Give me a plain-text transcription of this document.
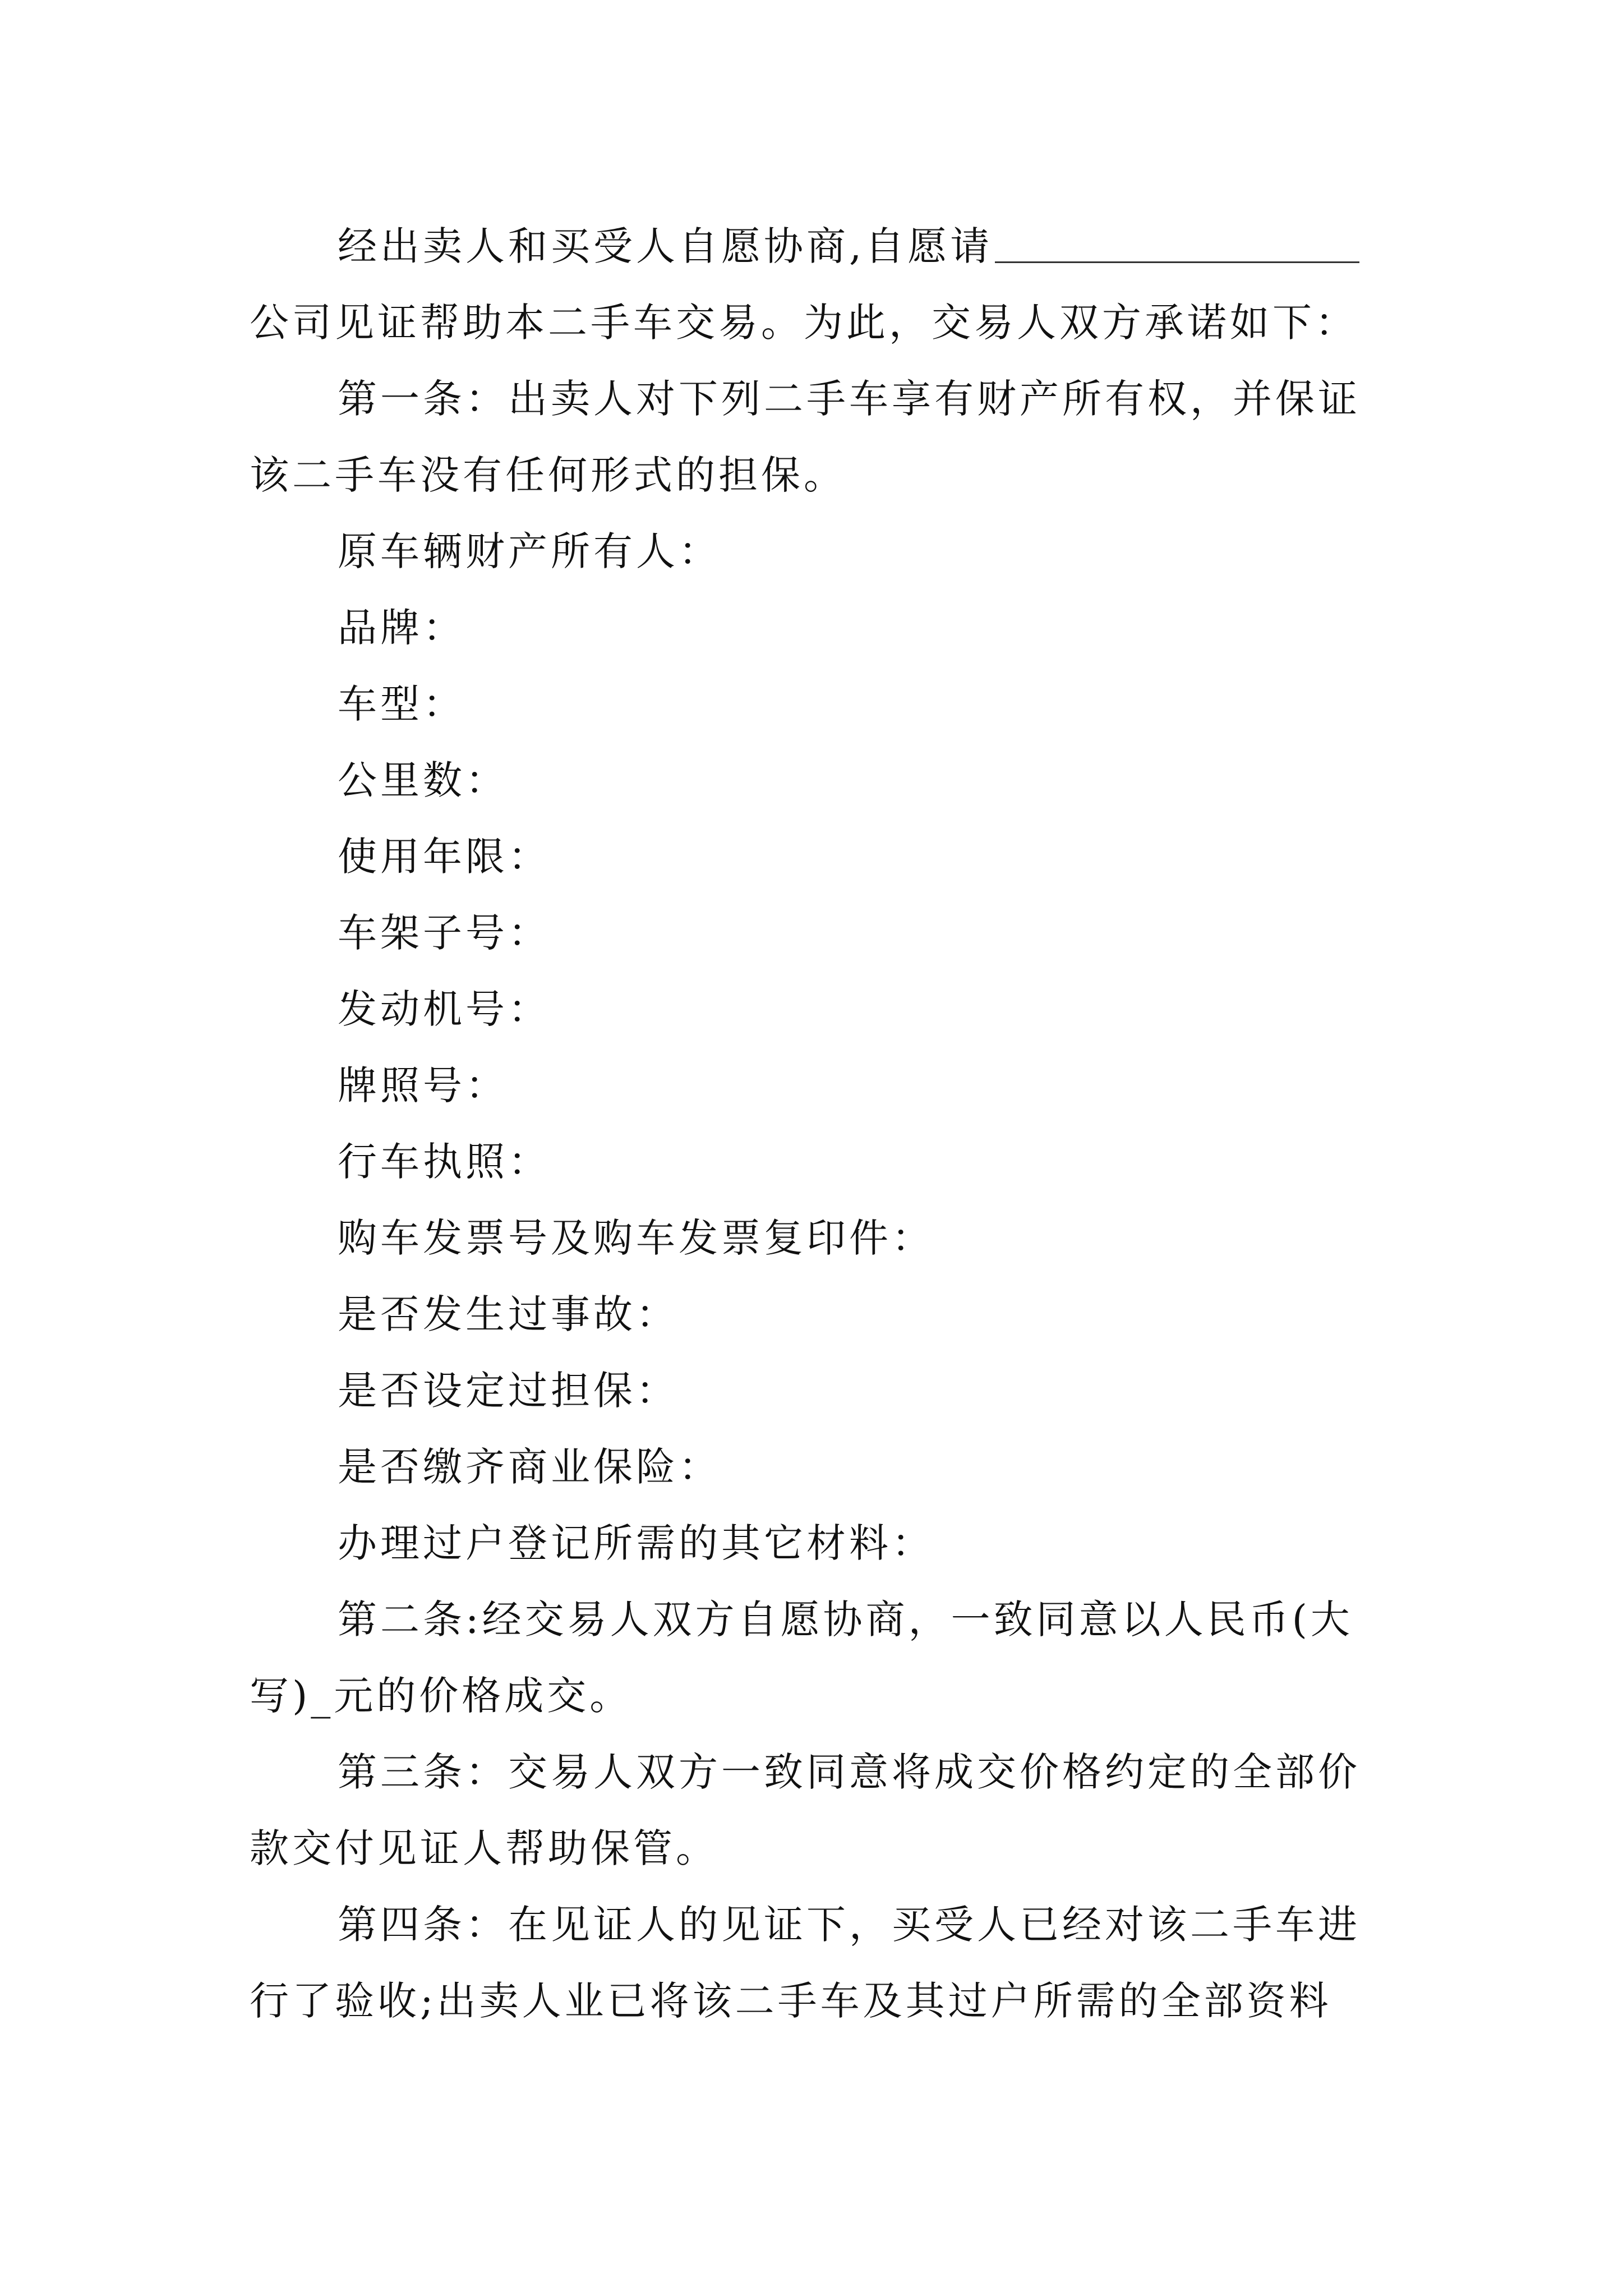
经出卖人和买受人自愿协商,自愿请
公司见证帮助本二手车交易。为此，交易人双方承诺如下：
第一条：出卖人对下列二手车享有财产所有权，并保证
该二手车没有任何形式的担保。
原车辆财产所有人：
品牌：
车型：
公里数：
使用年限：
车架子号：
发动机号：
牌照号：
行车执照：
购车发票号及购车发票复印件：
是否发生过事故：
是否设定过担保：
是否缴齐商业保险：
办理过户登记所需的其它材料：
第二条:经交易人双方自愿协商，一致同意以人民币(大
写)_元的价格成交。
第三条：交易人双方一致同意将成交价格约定的全部价
款交付见证人帮助保管。
第四条：在见证人的见证下，买受人已经对该二手车进
行了验收;出卖人业已将该二手车及其过户所需的全部资料
